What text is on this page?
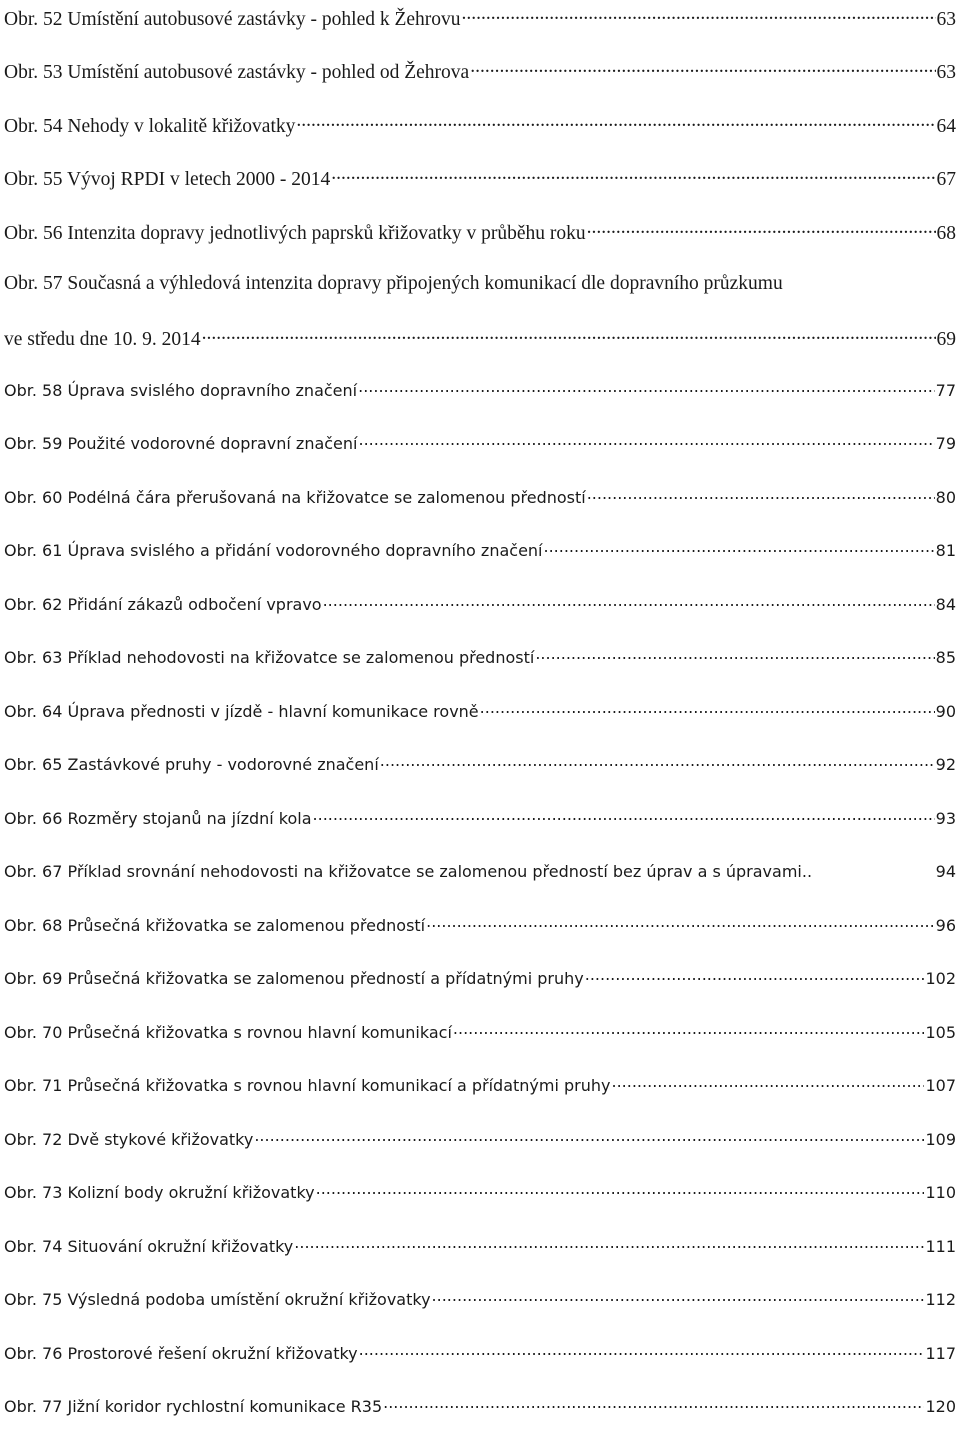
Obr. 52 Umístění autobusové zastávky - pohled k Žehrovu .....	63
Obr. 53 Umístění autobusové zastávky - pohled od Žehrova .....	63
Obr. 54 Nehody v lokalitě křižovatky .....	64
Obr. 55 Vývoj RPDI v letech 2000 - 2014 .....	67
Obr. 56 Intenzita dopravy jednotlivých paprsků křižovatky v průběhu roku .....	68
Obr. 57 Současná a výhledová intenzita dopravy připojených komunikací dle dopravního průzkumu
ve středu dne 10. 9. 2014 .....	69
Obr. 58 Úprava svislého dopravního značení .....	77
Obr. 59 Použité vodorovné dopravní značení .....	79
Obr. 60 Podélná čára přerušovaná na křižovatce se zalomenou předností .....	80
Obr. 61 Úprava svislého a přidání vodorovného dopravního značení .....	81
Obr. 62 Přidání zákazů odbočení vpravo .....	84
Obr. 63 Příklad nehodovosti na křižovatce se zalomenou předností .....	85
Obr. 64 Úprava přednosti v jízdě - hlavní komunikace rovně .....	90
Obr. 65 Zastávkové pruhy - vodorovné značení .....	92
Obr. 66 Rozměry stojanů na jízdní kola .....	93
Obr. 67 Příklad srovnání nehodovosti na křižovatce se zalomenou předností bez úprav a s úpravami..	94
Obr. 68 Průsečná křižovatka se zalomenou předností .....	96
Obr. 69 Průsečná křižovatka se zalomenou předností a přídatnými pruhy .....	102
Obr. 70 Průsečná křižovatka s rovnou hlavní komunikací .....	105
Obr. 71 Průsečná křižovatka s rovnou hlavní komunikací a přídatnými pruhy .....	107
Obr. 72 Dvě stykové křižovatky .....	109
Obr. 73 Kolizní body okružní křižovatky .....	110
Obr. 74 Situování okružní křižovatky .....	111
Obr. 75 Výsledná podoba umístění okružní křižovatky .....	112
Obr. 76 Prostorové řešení okružní křižovatky .....	117
Obr. 77 Jižní koridor rychlostní komunikace R35 .....	120
